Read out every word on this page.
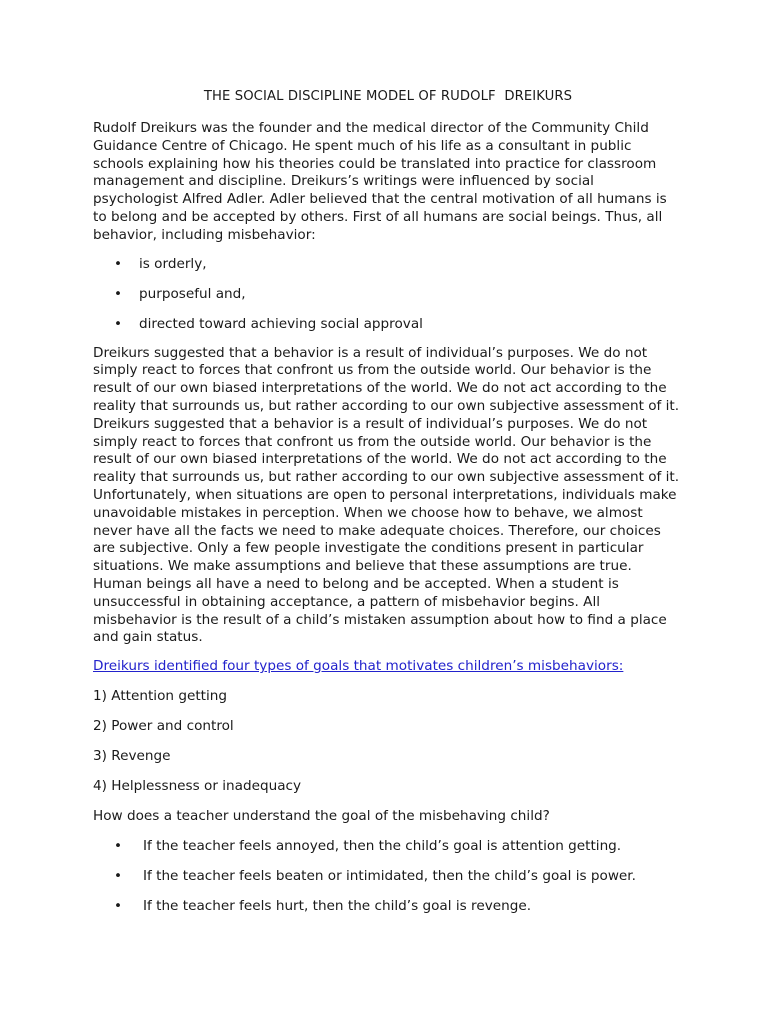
THE SOCIAL DISCIPLINE MODEL OF RUDOLF  DREIKURS

Rudolf Dreikurs was the founder and the medical director of the Community Child Guidance Centre of Chicago. He spent much of his life as a consultant in public schools explaining how his theories could be translated into practice for classroom management and discipline. Dreikurs’s writings were influenced by social psychologist Alfred Adler. Adler believed that the central motivation of all humans is to belong and be accepted by others. First of all humans are social beings. Thus, all behavior, including misbehavior:

• is orderly,
• purposeful and,
• directed toward achieving social approval

Dreikurs suggested that a behavior is a result of individual’s purposes. We do not simply react to forces that confront us from the outside world. Our behavior is the result of our own biased interpretations of the world. We do not act according to the reality that surrounds us, but rather according to our own subjective assessment of it. Dreikurs suggested that a behavior is a result of individual’s purposes. We do not simply react to forces that confront us from the outside world. Our behavior is the result of our own biased interpretations of the world. We do not act according to the reality that surrounds us, but rather according to our own subjective assessment of it. Unfortunately, when situations are open to personal interpretations, individuals make unavoidable mistakes in perception. When we choose how to behave, we almost never have all the facts we need to make adequate choices. Therefore, our choices are subjective. Only a few people investigate the conditions present in particular situations. We make assumptions and believe that these assumptions are true. Human beings all have a need to belong and be accepted. When a student is unsuccessful in obtaining acceptance, a pattern of misbehavior begins. All misbehavior is the result of a child’s mistaken assumption about how to find a place and gain status.

Dreikurs identified four types of goals that motivates children’s misbehaviors:
1) Attention getting
2) Power and control
3) Revenge
4) Helplessness or inadequacy
How does a teacher understand the goal of the misbehaving child?
• If the teacher feels annoyed, then the child’s goal is attention getting.
• If the teacher feels beaten or intimidated, then the child’s goal is power.
• If the teacher feels hurt, then the child’s goal is revenge.
